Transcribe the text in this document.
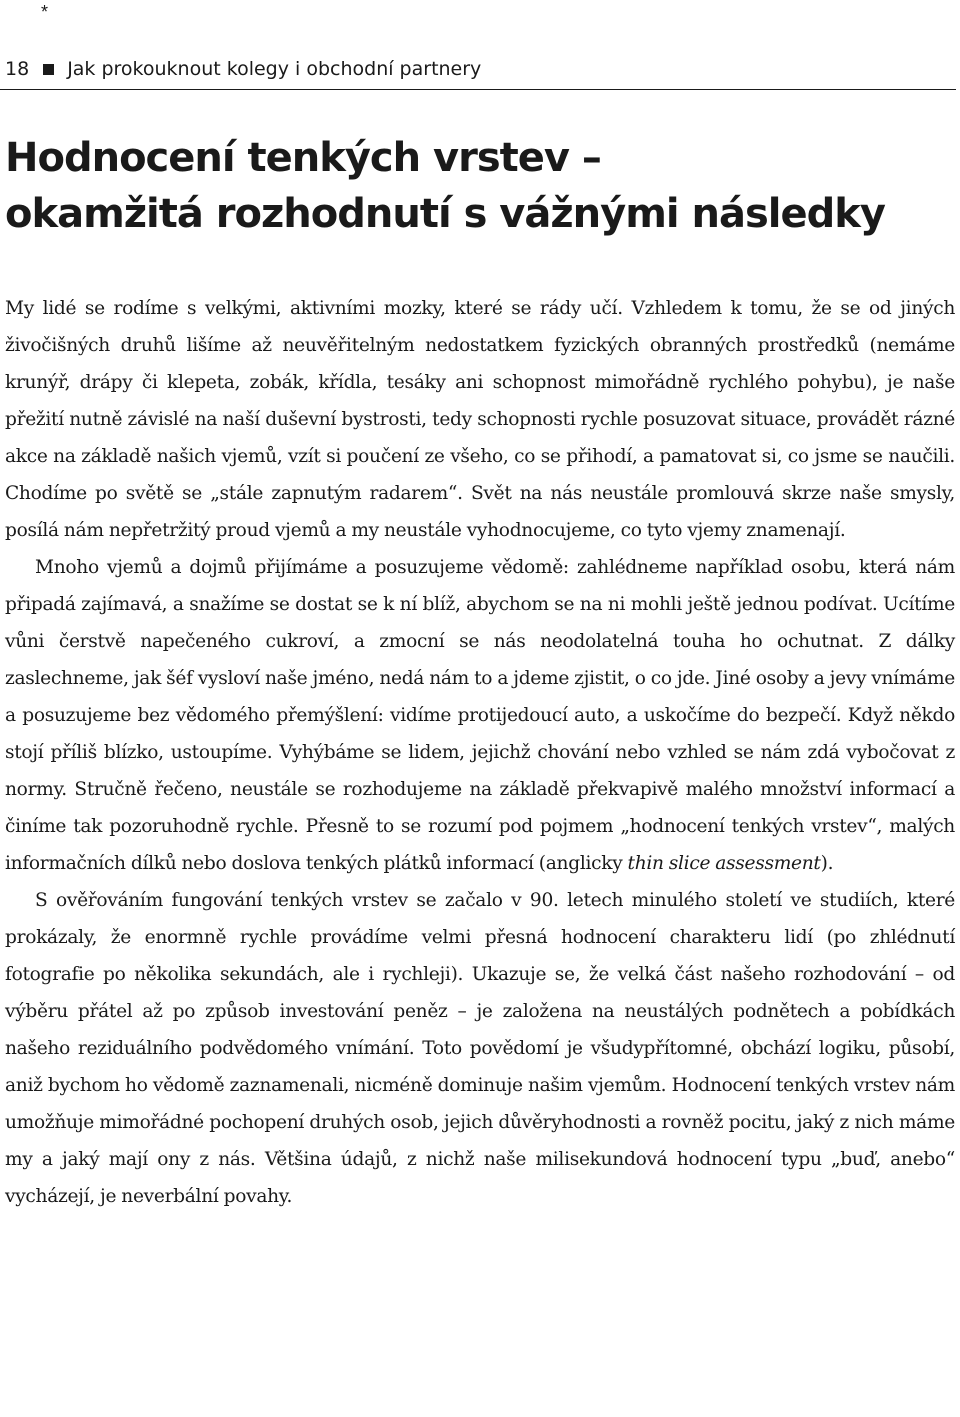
*
18 Jak prokouknout kolegy i obchodní partnery
Hodnocení tenkých vrstev –
okamžitá rozhodnutí s vážnými následky

My lidé se rodíme s velkými, aktivními mozky, které se rády učí. Vzhledem k tomu, že se od jiných živočišných druhů lišíme až neuvěřitelným nedostatkem fyzických obranných prostředků (nemáme krunýř, drápy či klepeta, zobák, křídla, tesáky ani schopnost mimořádně rychlého pohybu), je naše přežití nutně závislé na naší duševní bystrosti, tedy schopnosti rychle posuzovat situace, provádět rázné akce na základě našich vjemů, vzít si poučení ze všeho, co se přihodí, a pamatovat si, co jsme se naučili. Chodíme po světě se „stále zapnutým radarem“. Svět na nás neustále promlouvá skrze naše smysly, posílá nám nepřetržitý proud vjemů a my neustále vyhodnocujeme, co tyto vjemy znamenají.

Mnoho vjemů a dojmů přijímáme a posuzujeme vědomě: zahlédneme například osobu, která nám připadá zajímavá, a snažíme se dostat se k ní blíž, abychom se na ni mohli ještě jednou podívat. Ucítíme vůni čerstvě napečeného cukroví, a zmocní se nás neodolatelná touha ho ochutnat. Z dálky zaslechneme, jak šéf vysloví naše jméno, nedá nám to a jdeme zjistit, o co jde. Jiné osoby a jevy vnímáme a posuzujeme bez vědomého přemýšlení: vidíme protijedoucí auto, a uskočíme do bezpečí. Když někdo stojí příliš blízko, ustoupíme. Vyhýbáme se lidem, jejichž chování nebo vzhled se nám zdá vybočovat z normy. Stručně řečeno, neustále se rozhodujeme na základě překvapivě malého množství informací a činíme tak pozoruhodně rychle. Přesně to se rozumí pod pojmem „hodnocení tenkých vrstev“, malých informačních dílků nebo doslova tenkých plátků informací (anglicky thin slice assessment).

S ověřováním fungování tenkých vrstev se začalo v 90. letech minulého století ve studiích, které prokázaly, že enormně rychle provádíme velmi přesná hodnocení charakteru lidí (po zhlédnutí fotografie po několika sekundách, ale i rychleji). Ukazuje se, že velká část našeho rozhodování – od výběru přátel až po způsob investování peněz – je založena na neustálých podnětech a pobídkách našeho reziduálního podvědomého vnímání. Toto povědomí je všudypřítomné, obchází logiku, působí, aniž bychom ho vědomě zaznamenali, nicméně dominuje našim vjemům. Hodnocení tenkých vrstev nám umožňuje mimořádné pochopení druhých osob, jejich důvěryhodnosti a rovněž pocitu, jaký z nich máme my a jaký mají ony z nás. Většina údajů, z nichž naše milisekundová hodnocení typu „buď, anebo“ vycházejí, je neverbální povahy.
